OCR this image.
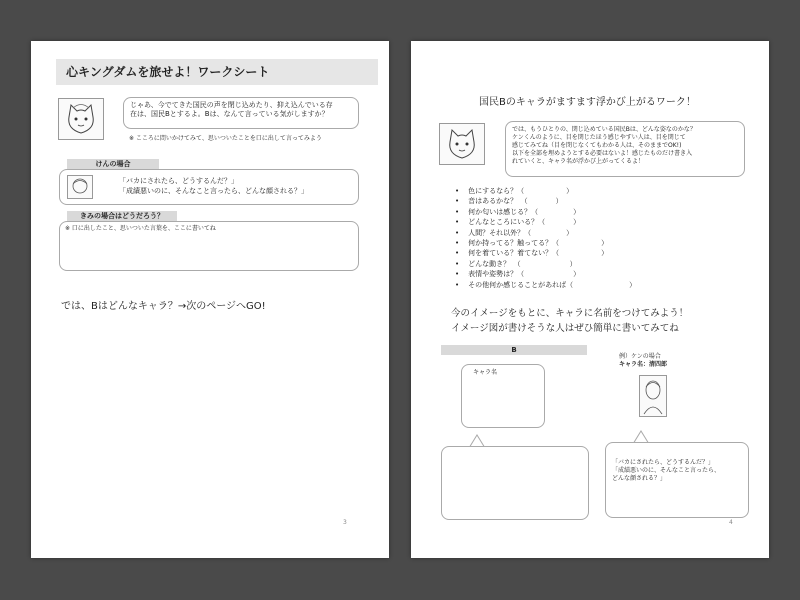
心キングダムを旅せよ！ワークシート
じゃあ、今でてきた国民の声を閉じ込めたり、抑え込んでいる存
在は、国民Bとするよ。Bは、なんて言っている気がしますか？
※ こころに問いかけてみて、思いついたことを口に出して言ってみよう
けんの場合
「バカにされたら、どうするんだ？」
「成績悪いのに、そんなこと言ったら、どんな顔される？」
きみの場合はどうだろう？
※ 口に出したこと、思いついた言葉を、ここに書いてね
では、Bはどんなキャラ？→次のページへGO!
3
国民Bのキャラがますます浮かび上がるワーク！
では、もうひとりの、閉じ込めている国民Bは、どんな姿なのかな？
ケンくんのように、目を閉じたほう感じやすい人は、目を閉じて
感じてみてね（目を閉じなくてもわかる人は、そのままでOK!)
以下を全部を埋めようとする必要はないよ！感じたものだけ書き入
れていくと、キャラ名が浮かび上がってくるよ！
• 色にするなら？（　　　　　　）
• 音はあるかな？　（　　　　）
• 何か匂いは感じる？（　　　　　）
• どんなところにいる？（　　　　）
• 人間？それ以外？（　　　　　）
• 何か持ってる？触ってる？（　　　　　　）
• 何を着ている？着てない？（　　　　　　）
• どんな動き？　（　　　　　　　）
• 表情や姿勢は？（　　　　　　　）
• その他何か感じることがあれば（　　　　　　　　）
今のイメージをもとに、キャラに名前をつけてみよう！
イメージ図が書けそうな人はぜひ簡単に書いてみてね
B
キャラ名
例）ケンの場合
キャラ名：清四郎
「バカにされたら、どうするんだ？」
「成績悪いのに、そんなこと言ったら、
どんな顔される？」
4
